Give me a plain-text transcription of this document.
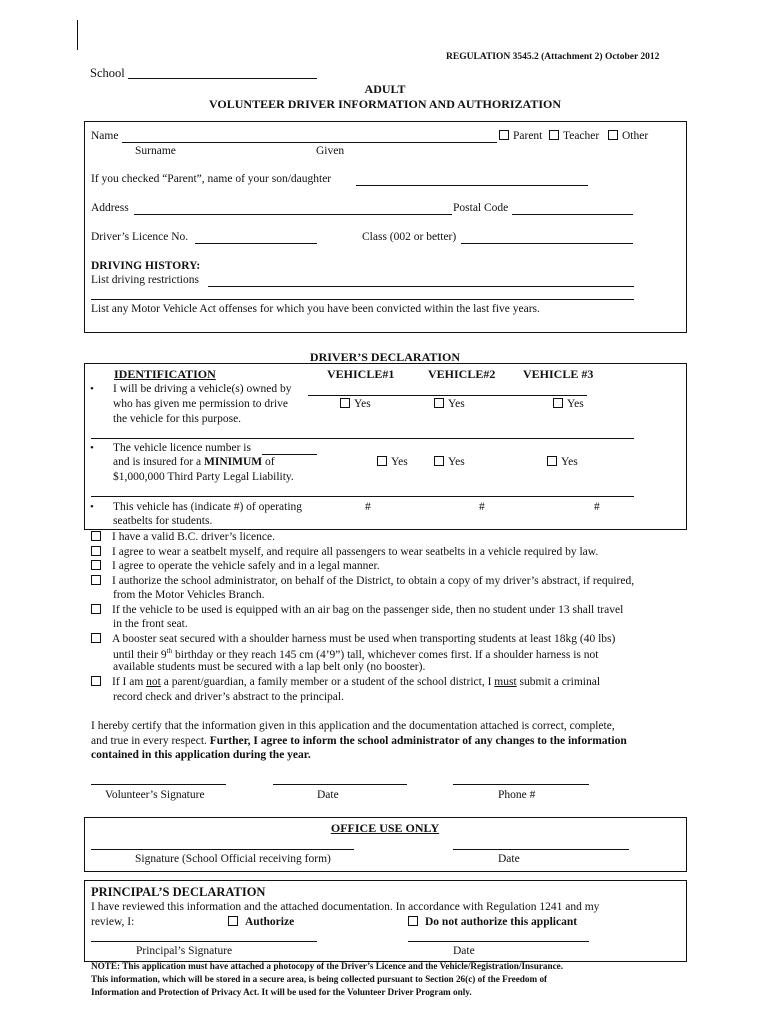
REGULATION 3545.2 (Attachment 2) October 2012
School
ADULT
VOLUNTEER DRIVER INFORMATION AND AUTHORIZATION
Name	Parent	Teacher	Other
Surname	Given
If you checked “Parent”, name of your son/daughter
Address	Postal Code
Driver’s Licence No.	Class (002 or better)
DRIVING HISTORY:
List driving restrictions
List any Motor Vehicle Act offenses for which you have been convicted within the last five years.
DRIVER’S DECLARATION
IDENTIFICATION	VEHICLE#1	VEHICLE#2 VEHICLE #3
• I will be driving a vehicle(s) owned by
who has given me permission to drive
the vehicle for this purpose.
Yes	Yes	Yes
• The vehicle licence number is
and is insured for a MINIMUM of
$1,000,000 Third Party Legal Liability.
Yes	Yes	Yes
• This vehicle has (indicate #) of operating
seatbelts for students.
#	#	#
I have a valid B.C. driver’s licence.
I agree to wear a seatbelt myself, and require all passengers to wear seatbelts in a vehicle required by law.
I agree to operate the vehicle safely and in a legal manner.
I authorize the school administrator, on behalf of the District, to obtain a copy of my driver’s abstract, if required,
from the Motor Vehicles Branch.
If the vehicle to be used is equipped with an air bag on the passenger side, then no student under 13 shall travel
in the front seat.
A booster seat secured with a shoulder harness must be used when transporting students at least 18kg (40 lbs)
until their 9th birthday or they reach 145 cm (4’9”) tall, whichever comes first. If a shoulder harness is not
available students must be secured with a lap belt only (no booster).
If I am not a parent/guardian, a family member or a student of the school district, I must submit a criminal
record check and driver’s abstract to the principal.
I hereby certify that the information given in this application and the documentation attached is correct, complete,
and true in every respect. Further, I agree to inform the school administrator of any changes to the information
contained in this application during the year.
Volunteer’s Signature	Date	Phone #
OFFICE USE ONLY
Signature (School Official receiving form)	Date
PRINCIPAL’S DECLARATION
I have reviewed this information and the attached documentation. In accordance with Regulation 1241 and my
review, I:	Authorize	Do not authorize this applicant
Principal’s Signature	Date
NOTE: This application must have attached a photocopy of the Driver’s Licence and the Vehicle/Registration/Insurance.
This information, which will be stored in a secure area, is being collected pursuant to Section 26(c) of the Freedom of
Information and Protection of Privacy Act. It will be used for the Volunteer Driver Program only.
